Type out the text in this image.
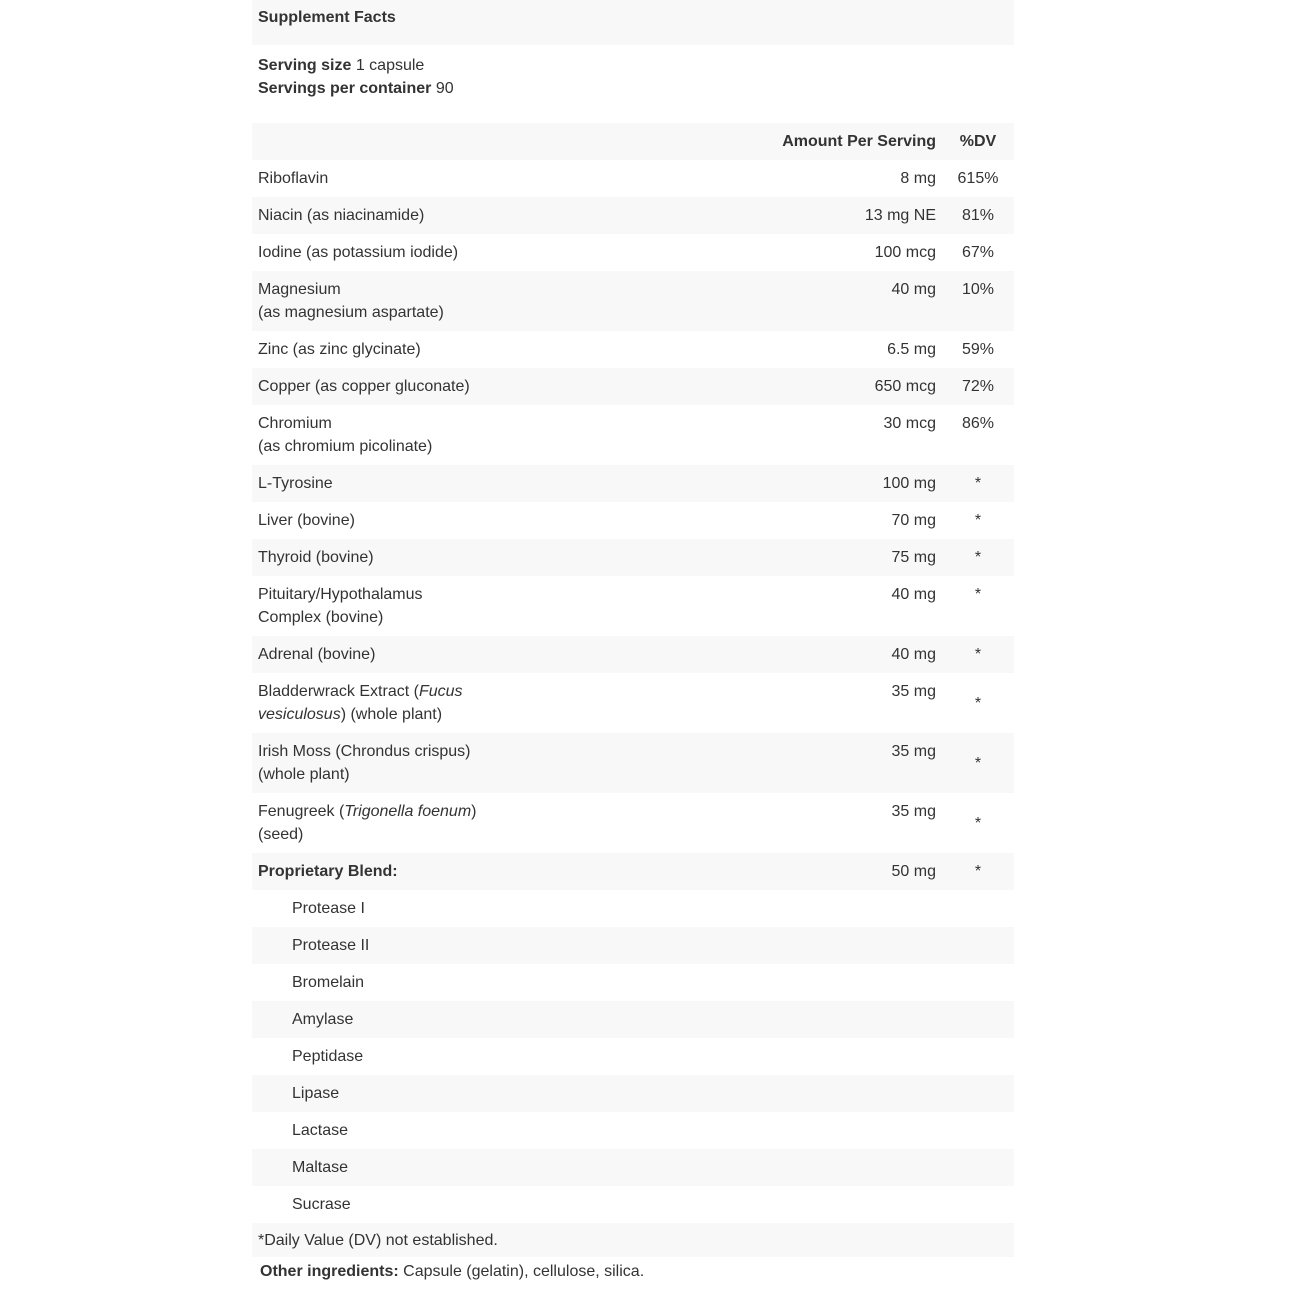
Supplement Facts
Serving size 1 capsule
Servings per container 90
	Amount Per Serving	%DV
Riboflavin	8 mg	615%
Niacin (as niacinamide)	13 mg NE	81%
Iodine (as potassium iodide)	100 mcg	67%

Magnesium
(as magnesium aspartate)	40 mg	10%
Zinc (as zinc glycinate)	6.5 mg	59%
Copper (as copper gluconate)	650 mcg	72%

Chromium
(as chromium picolinate)	30 mcg	86%
L-Tyrosine	100 mg	*
Liver (bovine)	70 mg	*
Thyroid (bovine)	75 mg	*

Pituitary/Hypothalamus
Complex (bovine)	40 mg	*
Adrenal (bovine)	40 mg	*
Bladderwrack Extract (Fucus
vesiculosus) (whole plant)	35 mg	*

Irish Moss (Chrondus crispus)
(whole plant)	35 mg	*
Fenugreek (Trigonella foenum)
(seed)	35 mg	*
Proprietary Blend:	50 mg	*
Protease I		
Protease II		
Bromelain		
Amylase		
Peptidase		
Lipase		
Lactase		
Maltase		
Sucrase		
*Daily Value (DV) not established.
Other ingredients: Capsule (gelatin), cellulose, silica.
